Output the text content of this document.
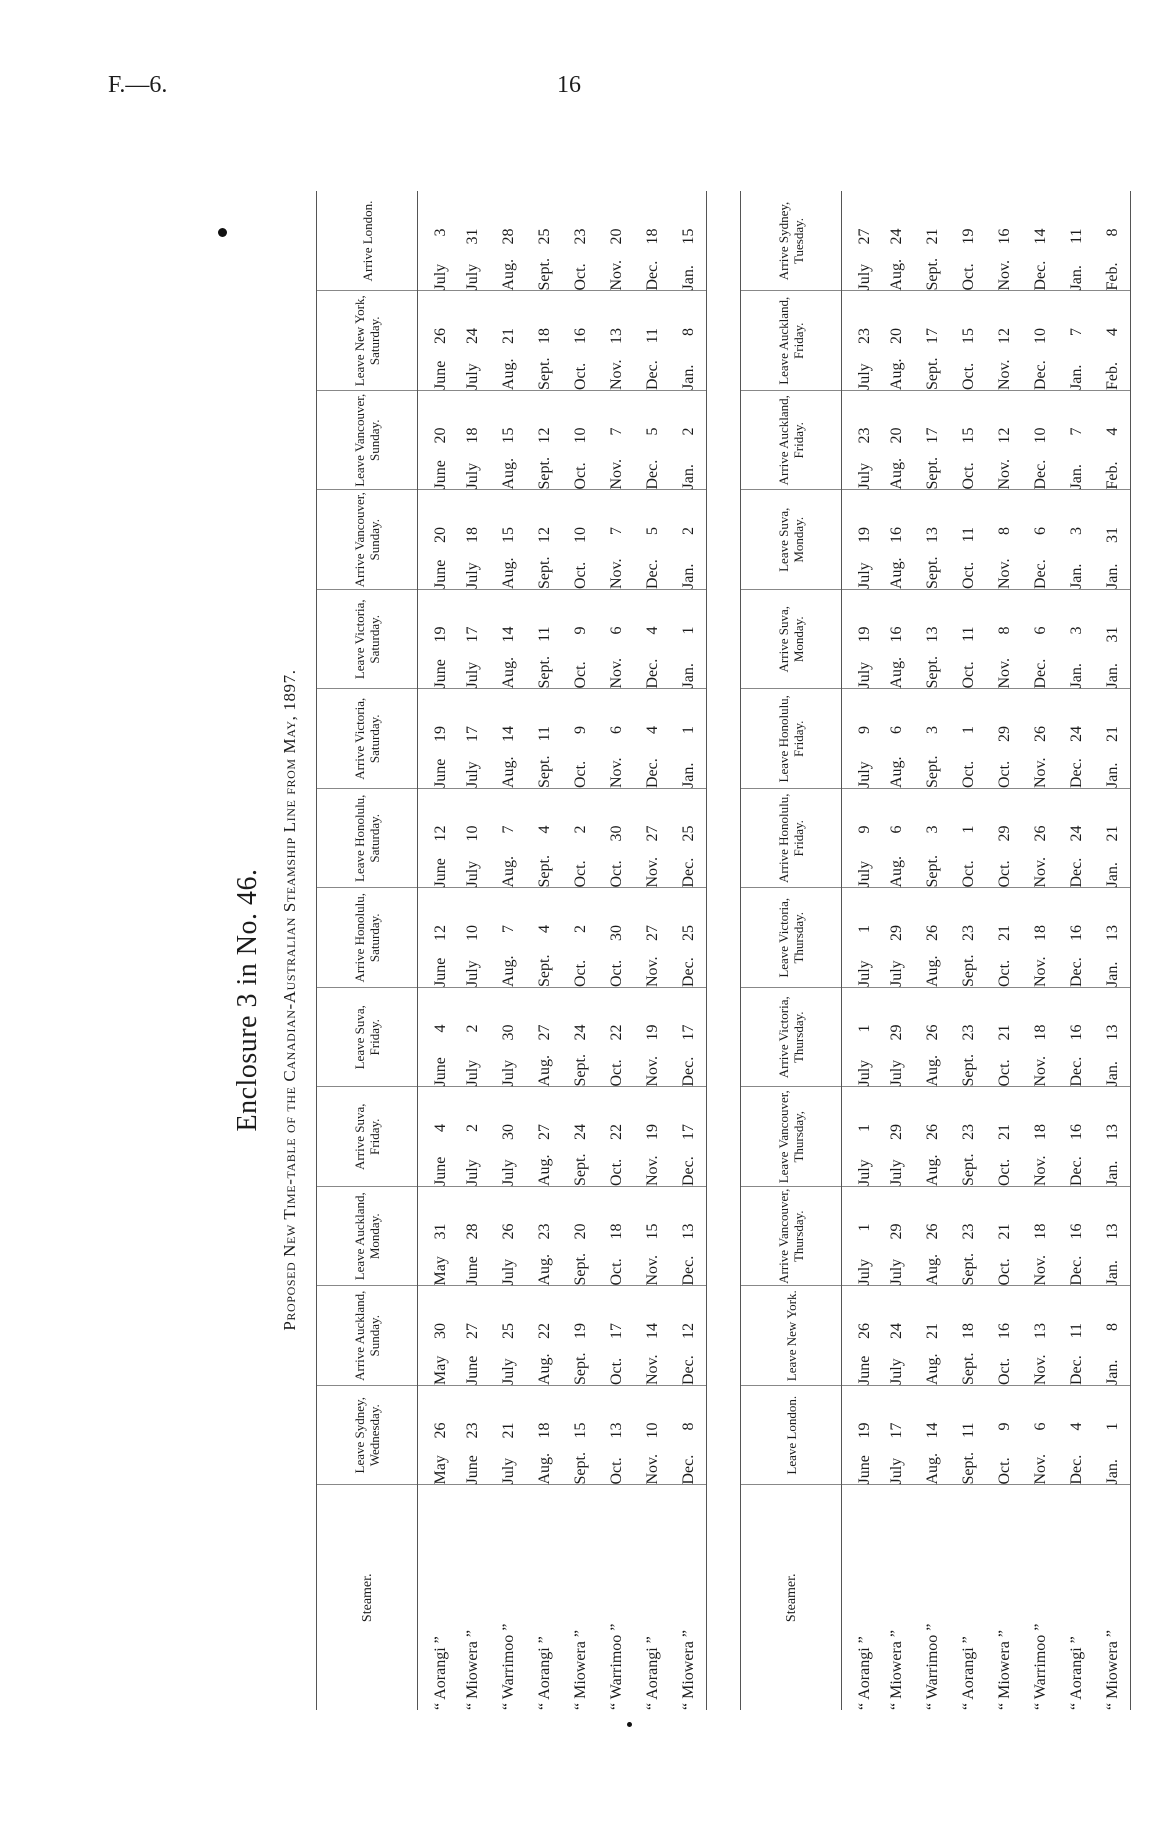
F.—6.	16
Enclosure 3 in No. 46. Proposed New Time-table of the Canadian-Australian Steamship Line from May, 1897.
Steamer.	Leave Sydney, Wednesday.	Arrive Auckland, Sunday.	Leave Auckland, Monday.	Arrive Suva, Friday.	Leave Suva, Friday.	Arrive Honolulu, Saturday.	Leave Honolulu, Saturday.	Arrive Victoria, Saturday.	Leave Victoria, Saturday.	Arrive Vancouver, Sunday.	Leave Vancouver, Sunday.	Leave New York, Saturday.	Arrive London.
“ Aorangi ”	May26	May30	May31	June4	June4	June12	June12	June19	June19	June20	June20	June26	July3
“ Miowera ”	June23	June27	June28	July2	July2	July10	July10	July17	July17	July18	July18	July24	July31
“ Warrimoo ”	July21	July25	July26	July30	July30	Aug.7	Aug.7	Aug.14	Aug.14	Aug.15	Aug.15	Aug.21	Aug.28
“ Aorangi ”	Aug.18	Aug.22	Aug.23	Aug.27	Aug.27	Sept.4	Sept.4	Sept.11	Sept.11	Sept.12	Sept.12	Sept.18	Sept.25
“ Miowera ”	Sept.15	Sept.19	Sept.20	Sept.24	Sept.24	Oct.2	Oct.2	Oct.9	Oct.9	Oct.10	Oct.10	Oct.16	Oct.23
“ Warrimoo ”	Oct.13	Oct.17	Oct.18	Oct.22	Oct.22	Oct.30	Oct.30	Nov.6	Nov.6	Nov.7	Nov.7	Nov.13	Nov.20
“ Aorangi ”	Nov.10	Nov.14	Nov.15	Nov.19	Nov.19	Nov.27	Nov.27	Dec.4	Dec.4	Dec.5	Dec.5	Dec.11	Dec.18
“ Miowera ”	Dec.8	Dec.12	Dec.13	Dec.17	Dec.17	Dec.25	Dec.25	Jan.1	Jan.1	Jan.2	Jan.2	Jan.8	Jan.15
Steamer.	Leave London.	Leave New York.	Arrive Vancouver, Thursday.	Leave Vancouver, Thursday,	Arrive Victoria, Thursday.	Leave Victoria, Thursday.	Arrive Honolulu, Friday.	Leave Honolulu, Friday.	Arrive Suva, Monday.	Leave Suva, Monday.	Arrive Auckland, Friday.	Leave Auckland, Friday.	Arrive Sydney, Tuesday.
“ Aorangi ”	June19	June26	July1	July1	July1	July1	July9	July9	July19	July19	July23	July23	July27
“ Miowera ”	July17	July24	July29	July29	July29	July29	Aug.6	Aug.6	Aug.16	Aug.16	Aug.20	Aug.20	Aug.24
“ Warrimoo ”	Aug.14	Aug.21	Aug.26	Aug.26	Aug.26	Aug.26	Sept.3	Sept.3	Sept.13	Sept.13	Sept.17	Sept.17	Sept.21
“ Aorangi ”	Sept.11	Sept.18	Sept.23	Sept.23	Sept.23	Sept.23	Oct.1	Oct.1	Oct.11	Oct.11	Oct.15	Oct.15	Oct.19
“ Miowera ”	Oct.9	Oct.16	Oct.21	Oct.21	Oct.21	Oct.21	Oct.29	Oct.29	Nov.8	Nov.8	Nov.12	Nov.12	Nov.16
“ Warrimoo ”	Nov.6	Nov.13	Nov.18	Nov.18	Nov.18	Nov.18	Nov.26	Nov.26	Dec.6	Dec.6	Dec.10	Dec.10	Dec.14
“ Aorangi ”	Dec.4	Dec.11	Dec.16	Dec.16	Dec.16	Dec.16	Dec.24	Dec.24	Jan.3	Jan.3	Jan.7	Jan.7	Jan.11
“ Miowera ”	Jan.1	Jan.8	Jan.13	Jan.13	Jan.13	Jan.13	Jan.21	Jan.21	Jan.31	Jan.31	Feb.4	Feb.4	Feb.8
